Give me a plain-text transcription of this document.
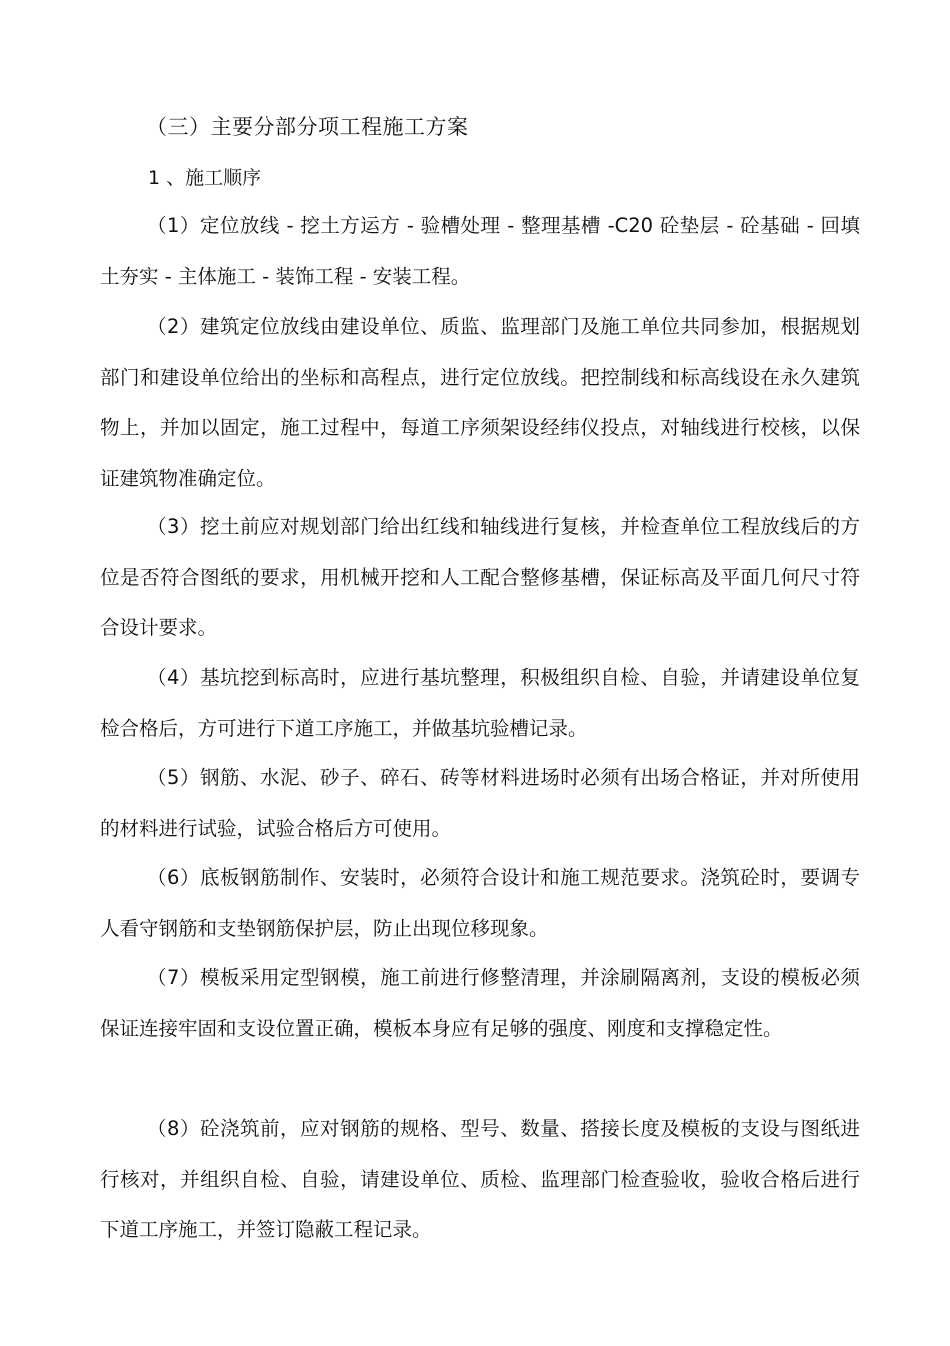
（三）主要分部分项工程施工方案
1 、施工顺序

（1）定位放线 - 挖土方运方 - 验槽处理 - 整理基槽 -C20 砼垫层 - 砼基础 - 回填土夯实 - 主体施工 - 装饰工程 - 安装工程。

（2）建筑定位放线由建设单位、质监、监理部门及施工单位共同参加，根据规划部门和建设单位给出的坐标和高程点，进行定位放线。把控制线和标高线设在永久建筑物上，并加以固定，施工过程中，每道工序须架设经纬仪投点，对轴线进行校核，以保证建筑物准确定位。

（3）挖土前应对规划部门给出红线和轴线进行复核，并检查单位工程放线后的方位是否符合图纸的要求，用机械开挖和人工配合整修基槽，保证标高及平面几何尺寸符合设计要求。

（4）基坑挖到标高时，应进行基坑整理，积极组织自检、自验，并请建设单位复检合格后，方可进行下道工序施工，并做基坑验槽记录。

（5）钢筋、水泥、砂子、碎石、砖等材料进场时必须有出场合格证，并对所使用的材料进行试验，试验合格后方可使用。

（6）底板钢筋制作、安装时，必须符合设计和施工规范要求。浇筑砼时，要调专人看守钢筋和支垫钢筋保护层，防止出现位移现象。

（7）模板采用定型钢模，施工前进行修整清理，并涂刷隔离剂，支设的模板必须保证连接牢固和支设位置正确，模板本身应有足够的强度、刚度和支撑稳定性。

（8）砼浇筑前，应对钢筋的规格、型号、数量、搭接长度及模板的支设与图纸进行核对，并组织自检、自验，请建设单位、质检、监理部门检查验收，验收合格后进行下道工序施工，并签订隐蔽工程记录。
